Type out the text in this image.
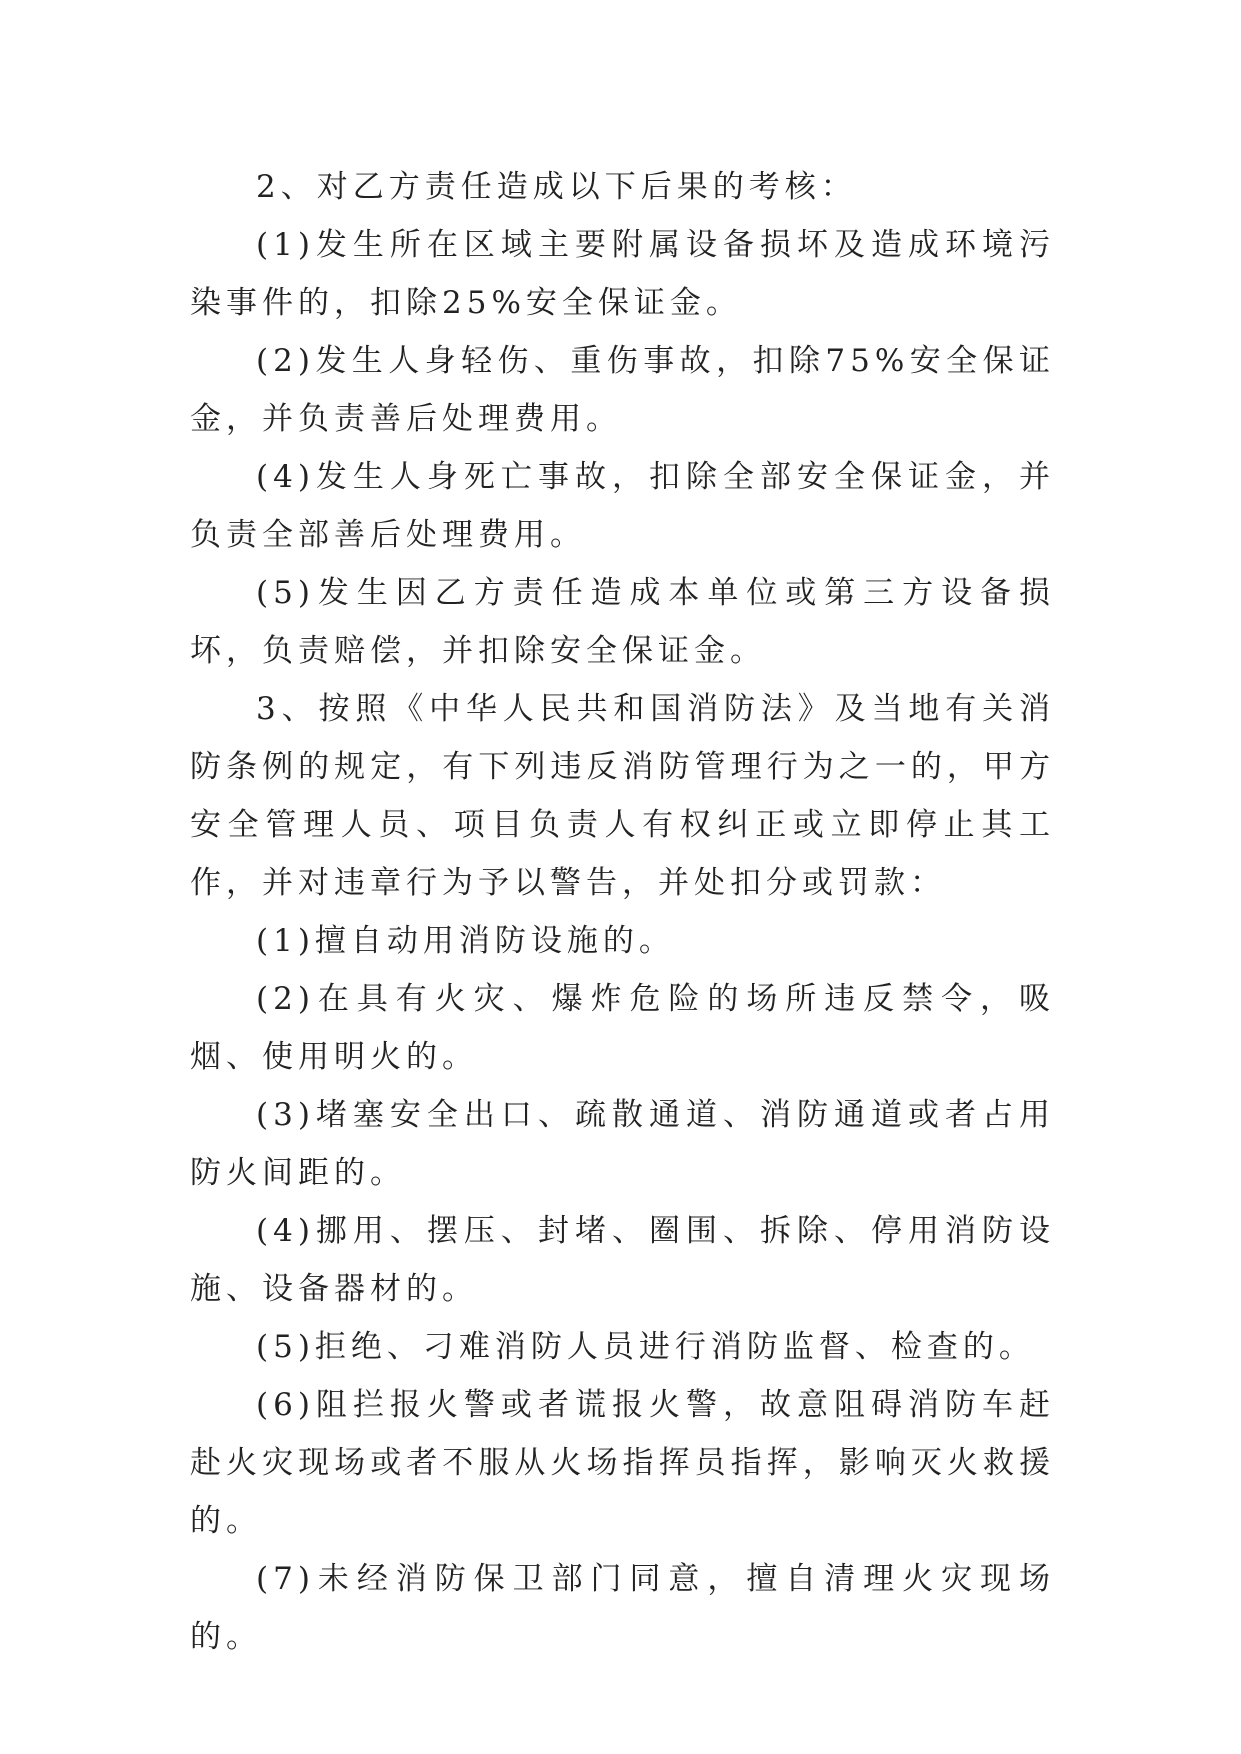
2、对乙方责任造成以下后果的考核：

(1)发生所在区域主要附属设备损坏及造成环境污染事件的，扣除25%安全保证金。

(2)发生人身轻伤、重伤事故，扣除75%安全保证金，并负责善后处理费用。

(4)发生人身死亡事故，扣除全部安全保证金，并负责全部善后处理费用。

(5)发生因乙方责任造成本单位或第三方设备损坏，负责赔偿，并扣除安全保证金。

3、按照《中华人民共和国消防法》及当地有关消防条例的规定，有下列违反消防管理行为之一的，甲方安全管理人员、项目负责人有权纠正或立即停止其工作，并对违章行为予以警告，并处扣分或罚款：

(1)擅自动用消防设施的。

(2)在具有火灾、爆炸危险的场所违反禁令，吸烟、使用明火的。

(3)堵塞安全出口、疏散通道、消防通道或者占用防火间距的。

(4)挪用、摆压、封堵、圈围、拆除、停用消防设施、设备器材的。

(5)拒绝、刁难消防人员进行消防监督、检查的。

(6)阻拦报火警或者谎报火警，故意阻碍消防车赶赴火灾现场或者不服从火场指挥员指挥，影响灭火救援的。

(7)未经消防保卫部门同意，擅自清理火灾现场的。
